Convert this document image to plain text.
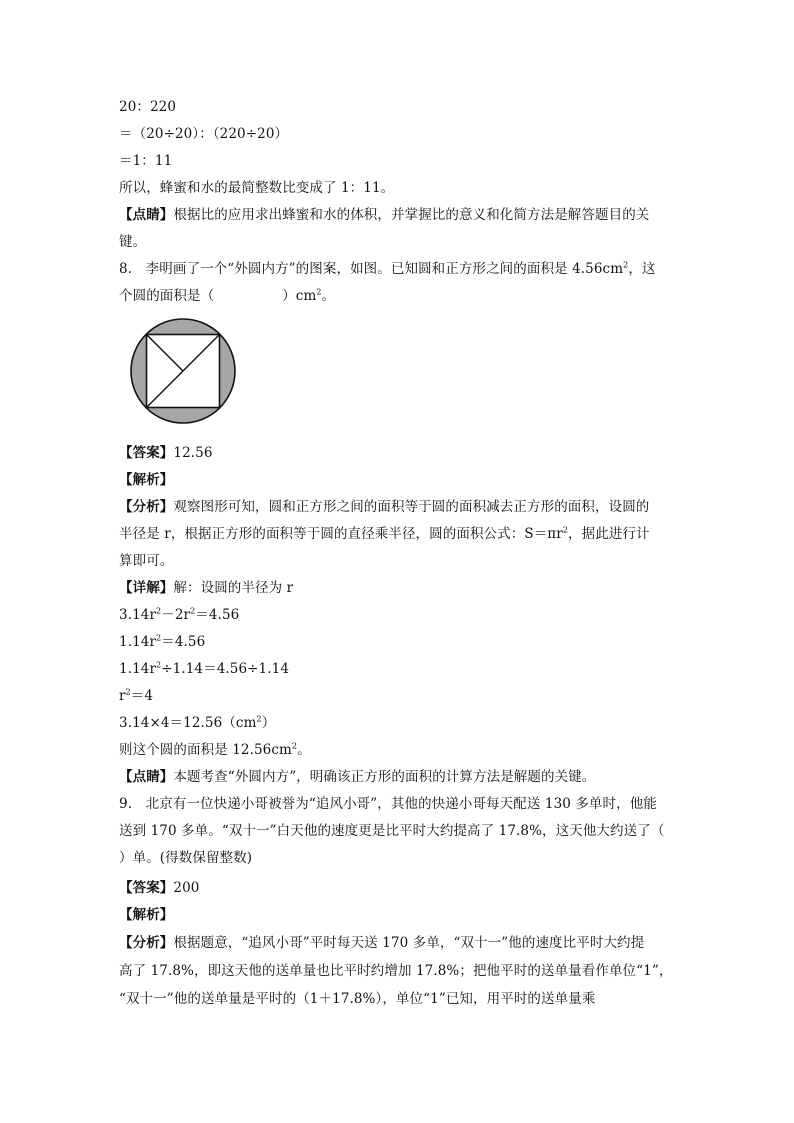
20：220
＝（20÷20）：（220÷20）
＝1：11
所以，蜂蜜和水的最简整数比变成了 1：11。
【点睛】根据比的应用求出蜂蜜和水的体积，并掌握比的意义和化简方法是解答题目的关
键。
8.　李明画了一个“外圆内方”的图案，如图。已知圆和正方形之间的面积是 $4.56cm^2$，这
个圆的面积是（　　　　　）$cm^2$。
【答案】12.56
【解析】
【分析】观察图形可知，圆和正方形之间的面积等于圆的面积减去正方形的面积，设圆的
半径是 r，根据正方形的面积等于圆的直径乘半径，圆的面积公式：$S=\pi r^2$，据此进行计
算即可。
【详解】解：设圆的半径为 r
$3.14r^2-2r^2=4.56$
$1.14r^2=4.56$
$1.14r^2\div 1.14=4.56\div 1.14$
$r^2=4$
$3.14\times 4=12.56(cm^2)$
则这个圆的面积是 $12.56cm^2$。
【点睛】本题考查“外圆内方”，明确该正方形的面积的计算方法是解题的关键。
9.　北京有一位快递小哥被誉为“追风小哥”，其他的快递小哥每天配送 130 多单时，他能
送到 170 多单。“双十一”白天他的速度更是比平时大约提高了 17.8%，这天他大约送了（
）单。(得数保留整数)
【答案】200
【解析】
【分析】根据题意，“追风小哥”平时每天送 170 多单，“双十一”他的速度比平时大约提
高了 17.8%，即这天他的送单量也比平时约增加 17.8%；把他平时的送单量看作单位“1”，
“双十一”他的送单量是平时的（1＋17.8%），单位“1”已知，用平时的送单量乘
